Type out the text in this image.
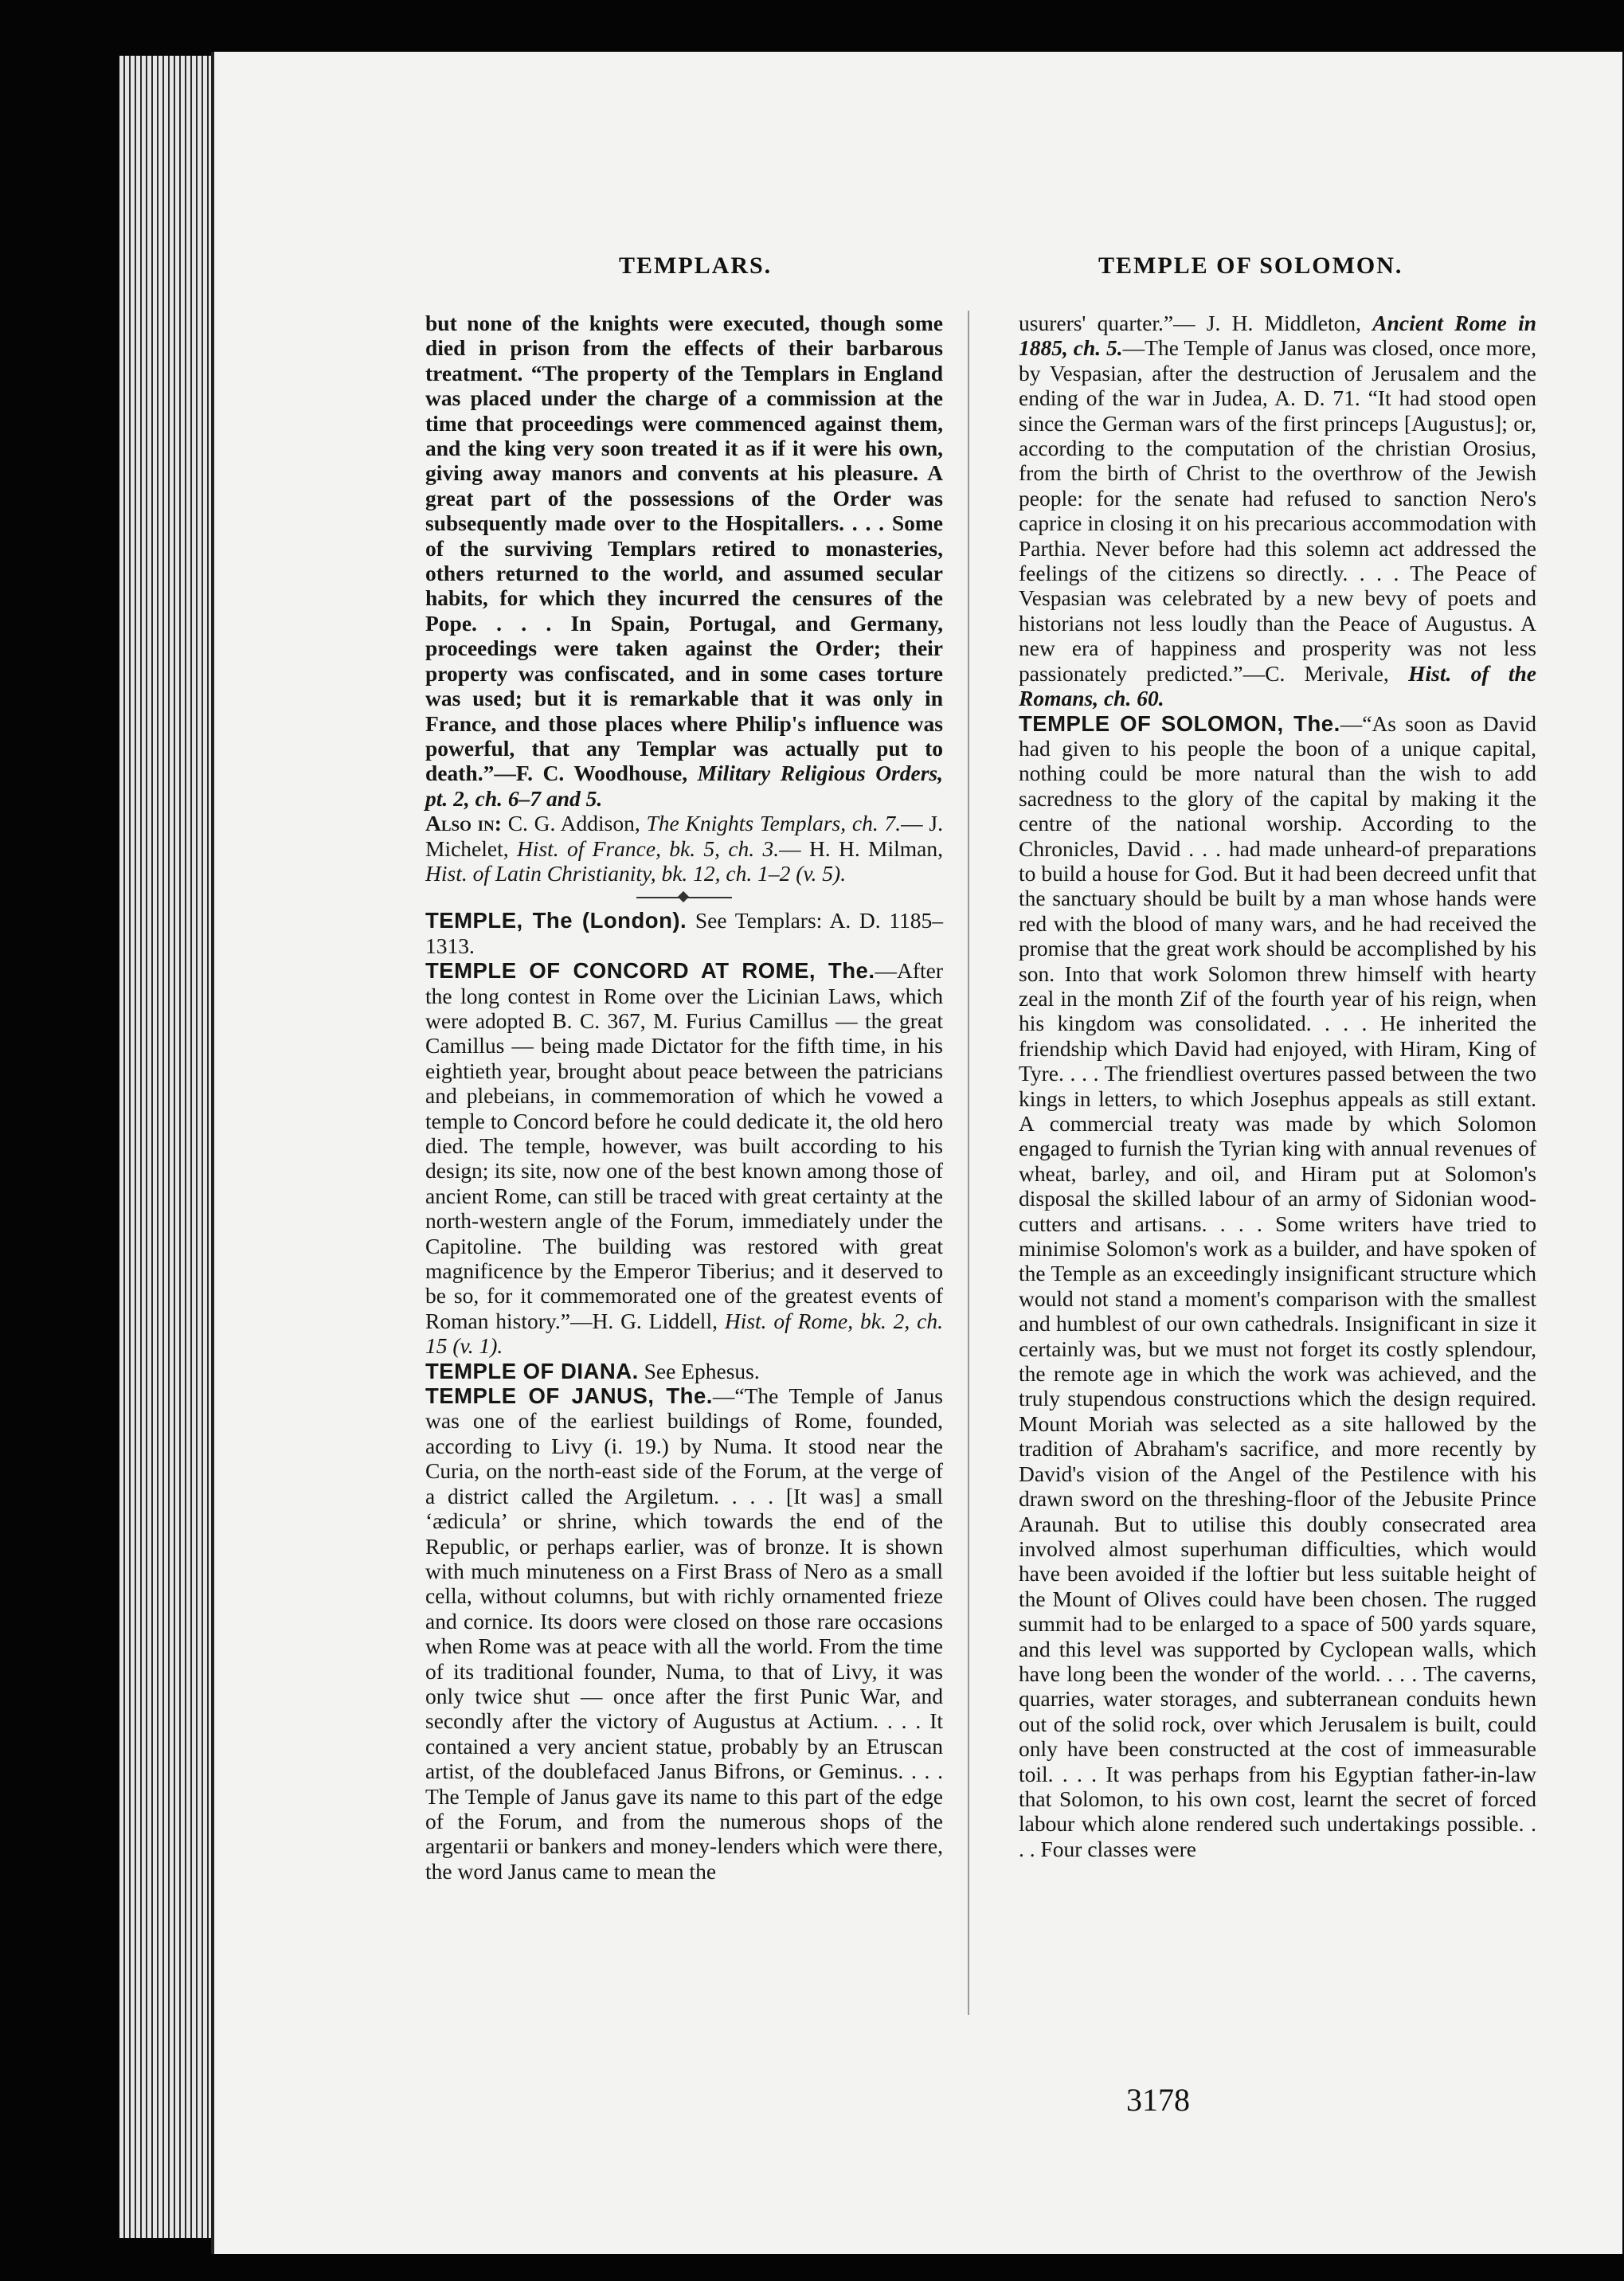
TEMPLARS.	TEMPLE OF SOLOMON.

but none of the knights were executed, though some died in prison from the effects of their barbarous treatment. “The property of the Templars in England was placed under the charge of a commission at the time that proceedings were commenced against them, and the king very soon treated it as if it were his own, giving away manors and convents at his pleasure. A great part of the possessions of the Order was subsequently made over to the Hospitallers. . . . Some of the surviving Templars retired to monasteries, others returned to the world, and assumed secular habits, for which they incurred the censures of the Pope. . . . In Spain, Portugal, and Germany, proceedings were taken against the Order; their property was confiscated, and in some cases torture was used; but it is remarkable that it was only in France, and those places where Philip's influence was powerful, that any Templar was actually put to death.”—F. C. Woodhouse, Military Religious Orders, pt. 2, ch. 6–7 and 5.

Also in: C. G. Addison, The Knights Templars, ch. 7.— J. Michelet, Hist. of France, bk. 5, ch. 3.— H. H. Milman, Hist. of Latin Christianity, bk. 12, ch. 1–2 (v. 5).

TEMPLE, The (London). See Templars: A. D. 1185–1313.

TEMPLE OF CONCORD AT ROME, The.—After the long contest in Rome over the Licinian Laws, which were adopted B. C. 367, M. Furius Camillus — the great Camillus — being made Dictator for the fifth time, in his eightieth year, brought about peace between the patricians and plebeians, in commemoration of which he vowed a temple to Concord before he could dedicate it, the old hero died. The temple, however, was built according to his design; its site, now one of the best known among those of ancient Rome, can still be traced with great certainty at the north-western angle of the Forum, immediately under the Capitoline. The building was restored with great magnificence by the Emperor Tiberius; and it deserved to be so, for it commemorated one of the greatest events of Roman history.”—H. G. Liddell, Hist. of Rome, bk. 2, ch. 15 (v. 1).

TEMPLE OF DIANA. See Ephesus.

TEMPLE OF JANUS, The.—“The Temple of Janus was one of the earliest buildings of Rome, founded, according to Livy (i. 19.) by Numa. It stood near the Curia, on the north-east side of the Forum, at the verge of a district called the Argiletum. . . . [It was] a small ‘ædicula’ or shrine, which towards the end of the Republic, or perhaps earlier, was of bronze. It is shown with much minuteness on a First Brass of Nero as a small cella, without columns, but with richly ornamented frieze and cornice. Its doors were closed on those rare occasions when Rome was at peace with all the world. From the time of its traditional founder, Numa, to that of Livy, it was only twice shut — once after the first Punic War, and secondly after the victory of Augustus at Actium. . . . It contained a very ancient statue, probably by an Etruscan artist, of the doublefaced Janus Bifrons, or Geminus. . . . The Temple of Janus gave its name to this part of the edge of the Forum, and from the numerous shops of the argentarii or bankers and money-lenders which were there, the word Janus came to mean the

usurers' quarter.”— J. H. Middleton, Ancient Rome in 1885, ch. 5.—The Temple of Janus was closed, once more, by Vespasian, after the destruction of Jerusalem and the ending of the war in Judea, A. D. 71. “It had stood open since the German wars of the first princeps [Augustus]; or, according to the computation of the christian Orosius, from the birth of Christ to the overthrow of the Jewish people: for the senate had refused to sanction Nero's caprice in closing it on his precarious accommodation with Parthia. Never before had this solemn act addressed the feelings of the citizens so directly. . . . The Peace of Vespasian was celebrated by a new bevy of poets and historians not less loudly than the Peace of Augustus. A new era of happiness and prosperity was not less passionately predicted.”—C. Merivale, Hist. of the Romans, ch. 60.

TEMPLE OF SOLOMON, The.—“As soon as David had given to his people the boon of a unique capital, nothing could be more natural than the wish to add sacredness to the glory of the capital by making it the centre of the national worship. According to the Chronicles, David . . . had made unheard-of preparations to build a house for God. But it had been decreed unfit that the sanctuary should be built by a man whose hands were red with the blood of many wars, and he had received the promise that the great work should be accomplished by his son. Into that work Solomon threw himself with hearty zeal in the month Zif of the fourth year of his reign, when his kingdom was consolidated. . . . He inherited the friendship which David had enjoyed, with Hiram, King of Tyre. . . . The friendliest overtures passed between the two kings in letters, to which Josephus appeals as still extant. A commercial treaty was made by which Solomon engaged to furnish the Tyrian king with annual revenues of wheat, barley, and oil, and Hiram put at Solomon's disposal the skilled labour of an army of Sidonian wood-cutters and artisans. . . . Some writers have tried to minimise Solomon's work as a builder, and have spoken of the Temple as an exceedingly insignificant structure which would not stand a moment's comparison with the smallest and humblest of our own cathedrals. Insignificant in size it certainly was, but we must not forget its costly splendour, the remote age in which the work was achieved, and the truly stupendous constructions which the design required. Mount Moriah was selected as a site hallowed by the tradition of Abraham's sacrifice, and more recently by David's vision of the Angel of the Pestilence with his drawn sword on the threshing-floor of the Jebusite Prince Araunah. But to utilise this doubly consecrated area involved almost superhuman difficulties, which would have been avoided if the loftier but less suitable height of the Mount of Olives could have been chosen. The rugged summit had to be enlarged to a space of 500 yards square, and this level was supported by Cyclopean walls, which have long been the wonder of the world. . . . The caverns, quarries, water storages, and subterranean conduits hewn out of the solid rock, over which Jerusalem is built, could only have been constructed at the cost of immeasurable toil. . . . It was perhaps from his Egyptian father-in-law that Solomon, to his own cost, learnt the secret of forced labour which alone rendered such undertakings possible. . . . Four classes were

3178
